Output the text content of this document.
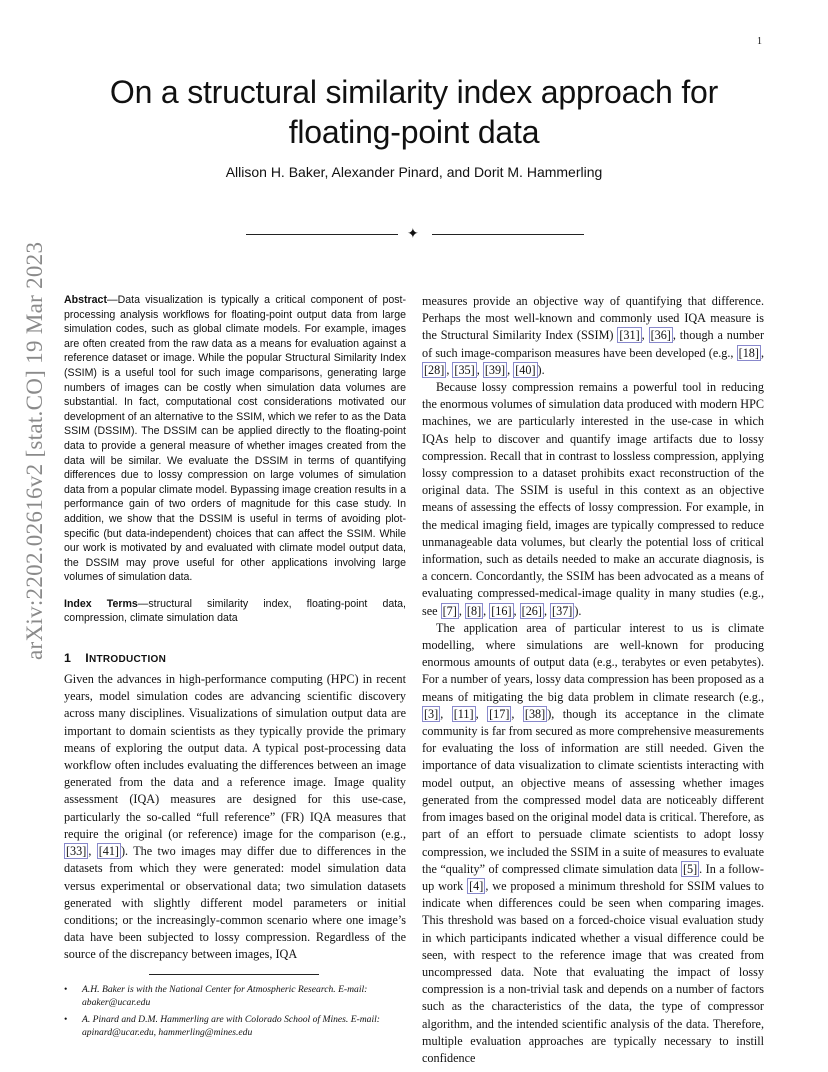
1
On a structural similarity index approach for floating-point data
Allison H. Baker, Alexander Pinard, and Dorit M. Hammerling
✦
arXiv:2202.02616v2 [stat.CO] 19 Mar 2023 Abstract—Data visualization is typically a critical component of post-processing analysis workflows for floating-point output data from large simulation codes, such as global climate models. For example, images are often created from the raw data as a means for evaluation against a reference dataset or image. While the popular Structural Similarity Index (SSIM) is a useful tool for such image comparisons, generating large numbers of images can be costly when simulation data volumes are substantial. In fact, computational cost considerations motivated our development of an alternative to the SSIM, which we refer to as the Data SSIM (DSSIM). The DSSIM can be applied directly to the floating-point data to provide a general measure of whether images created from the data will be similar. We evaluate the DSSIM in terms of quantifying differences due to lossy compression on large volumes of simulation data from a popular climate model. Bypassing image creation results in a performance gain of two orders of magnitude for this case study. In addition, we show that the DSSIM is useful in terms of avoiding plot-specific (but data-independent) choices that can affect the SSIM. While our work is motivated by and evaluated with climate model output data, the DSSIM may prove useful for other applications involving large volumes of simulation data.

Index Terms—structural similarity index, floating-point data, compression, climate simulation data

1 INTRODUCTION

Given the advances in high-performance computing (HPC) in recent years, model simulation codes are advancing scientific discovery across many disciplines. Visualizations of simulation output data are important to domain scientists as they typically provide the primary means of exploring the output data. A typical post-processing data workflow often includes evaluating the differences between an image generated from the data and a reference image. Image quality assessment (IQA) measures are designed for this use-case, particularly the so-called “full reference” (FR) IQA measures that require the original (or reference) image for the comparison (e.g., [33] , [41] ). The two images may differ due to differences in the datasets from which they were generated: model simulation data versus experimental or observational data; two simulation datasets generated with slightly different model parameters or initial conditions; or the increasingly-common scenario where one image’s data have been subjected to lossy compression. Regardless of the source of the discrepancy between images, IQA

• A.H. Baker is with the National Center for Atmospheric Research. E-mail: abaker@ucar.edu

• A. Pinard and D.M. Hammerling are with Colorado School of Mines. E-mail: apinard@ucar.edu, hammerling@mines.edu

measures provide an objective way of quantifying that difference. Perhaps the most well-known and commonly used IQA measure is the Structural Similarity Index (SSIM) [31] , [36] , though a number of such image-comparison measures have been developed (e.g., [18] , [28] , [35] , [39] , [40] ).

Because lossy compression remains a powerful tool in reducing the enormous volumes of simulation data produced with modern HPC machines, we are particularly interested in the use-case in which IQAs help to discover and quantify image artifacts due to lossy compression. Recall that in contrast to lossless compression, applying lossy compression to a dataset prohibits exact reconstruction of the original data. The SSIM is useful in this context as an objective means of assessing the effects of lossy compression. For example, in the medical imaging field, images are typically compressed to reduce unmanageable data volumes, but clearly the potential loss of critical information, such as details needed to make an accurate diagnosis, is a concern. Concordantly, the SSIM has been advocated as a means of evaluating compressed-medical-image quality in many studies (e.g., see [7] , [8] , [16] , [26] , [37] ).

The application area of particular interest to us is climate modelling, where simulations are well-known for producing enormous amounts of output data (e.g., terabytes or even petabytes). For a number of years, lossy data compression has been proposed as a means of mitigating the big data problem in climate research (e.g., [3] , [11] , [17] , [38] ), though its acceptance in the climate community is far from secured as more comprehensive measurements for evaluating the loss of information are still needed. Given the importance of data visualization to climate scientists interacting with model output, an objective means of assessing whether images generated from the compressed model data are noticeably different from images based on the original model data is critical. Therefore, as part of an effort to persuade climate scientists to adopt lossy compression, we included the SSIM in a suite of measures to evaluate the “quality” of compressed climate simulation data [5] . In a follow-up work [4] , we proposed a minimum threshold for SSIM values to indicate when differences could be seen when comparing images. This threshold was based on a forced-choice visual evaluation study in which participants indicated whether a visual difference could be seen, with respect to the reference image that was created from uncompressed data. Note that evaluating the impact of lossy compression is a non-trivial task and depends on a number of factors such as the characteristics of the data, the type of compressor algorithm, and the intended scientific analysis of the data. Therefore, multiple evaluation approaches are typically necessary to instill confidence
